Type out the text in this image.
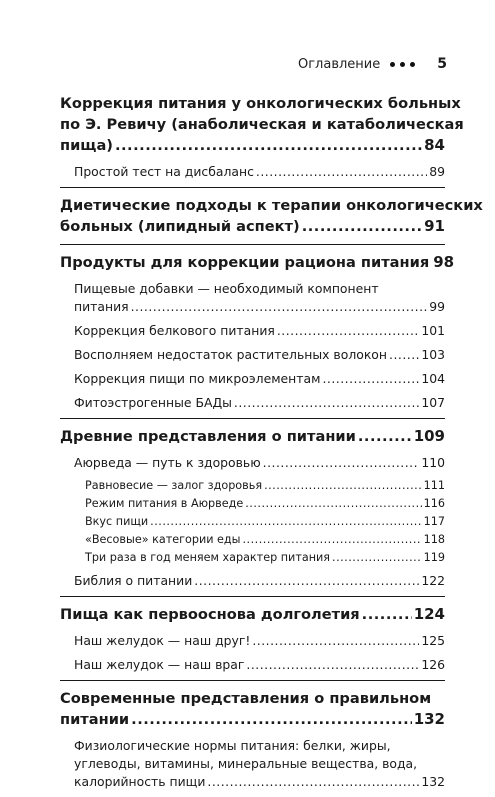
Оглавление	5
Коррекция питания у онкологических больных
по Э. Ревичу (анаболическая и катаболическая
пища) .....	84
Простой тест на дисбаланс .....	89
Диетические подходы к терапии онкологических
больных (липидный аспект) .....	91
Продукты для коррекции рациона питания 98
Пищевые добавки — необходимый компонент
питания .....	99
Коррекция белкового питания .....	101
Восполняем недостаток растительных волокон .....	103
Коррекция пищи по микроэлементам .....	104
Фитоэстрогенные БАДы .....	107
Древние представления о питании .....	109
Аюрведа — путь к здоровью .....	110
Равновесие — залог здоровья .....	111
Режим питания в Аюрведе .....	116
Вкус пищи .....	117
«Весовые» категории еды .....	118
Три раза в год меняем характер питания .....	119
Библия о питании .....	122
Пища как первооснова долголетия .....	124
Наш желудок — наш друг! .....	125
Наш желудок — наш враг .....	126
Современные представления о правильном
питании .....	132
Физиологические нормы питания: белки, жиры,
углеводы, витамины, минеральные вещества, вода,
калорийность пищи .....	132
